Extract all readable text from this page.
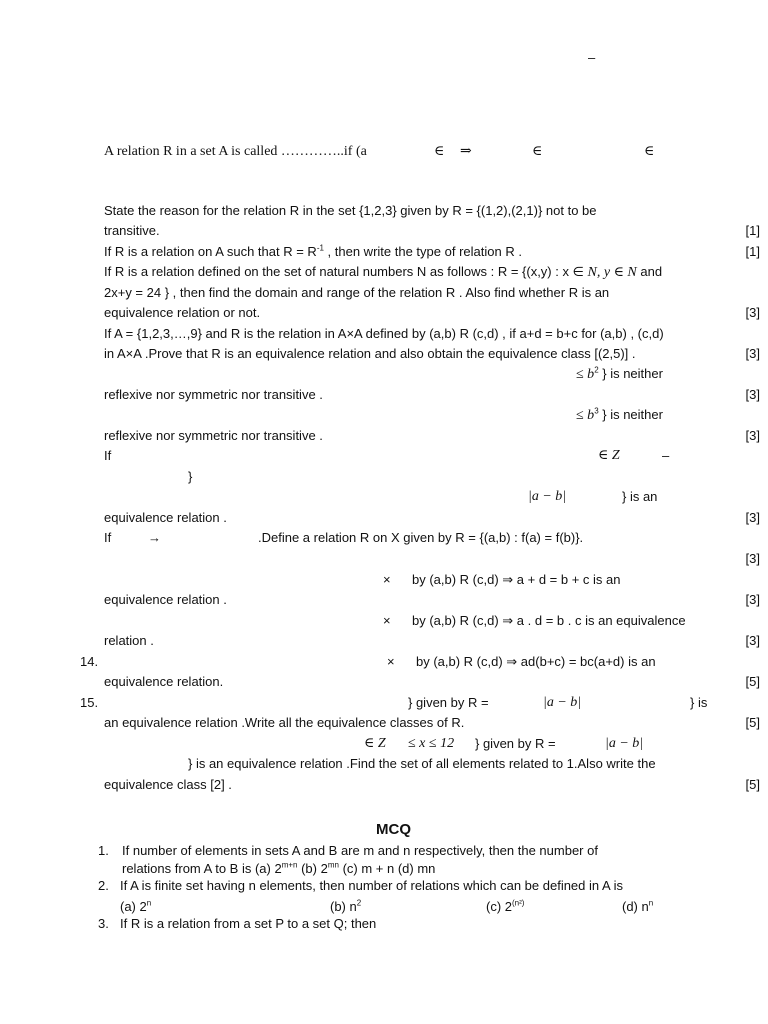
–
A relation R in a set A is called …………..if (a	∈ ⇒	∈	∈
State the reason for the relation R in the set {1,2,3} given by R = {(1,2),(2,1)} not to be
transitive.	[1]
If R is a relation on A such that $R = R^{-1}$ , then write the type of relation R .	[1]
If R is a relation defined on the set of natural numbers N as follows : R = {(x,y) : x ∈ N, y ∈ N and
2x+y = 24 } , then find the domain and range of the relation R . Also find whether R is an
equivalence relation or not.	[3]
If A = {1,2,3,…,9} and R is the relation in A×A defined by (a,b) R (c,d) , if a+d = b+c for (a,b) , (c,d)
in A×A .Prove that R is an equivalence relation and also obtain the equivalence class [(2,5)] .	[3]
≤ $b^2$ } is neither
reflexive nor symmetric nor transitive .	[3]
≤ $b^3$ } is neither
reflexive nor symmetric nor transitive .	[3]
If	∈ Z	–
}
|a − b|	} is an
equivalence relation .	[3]
If	→	.Define a relation R on X given by R = {(a,b) : f(a) = f(b)}.
[3]
× by (a,b) R (c,d) ⇒ a + d = b + c is an
equivalence relation .	[3]
× by (a,b) R (c,d) ⇒ a . d = b . c is an equivalence
relation .	[3]
14.	× by (a,b) R (c,d) ⇒ ad(b+c) = bc(a+d) is an
equivalence relation.	[5]
15.	} given by R =	|a − b|	} is
an equivalence relation .Write all the equivalence classes of R.	[5]
∈ Z ≤ x ≤ 12 } given by R =	|a − b|
} is an equivalence relation .Find the set of all elements related to 1.Also write the
equivalence class [2] .	[5]
MCQ
1. If number of elements in sets A and B are m and n respectively, then the number of
relations from A to B is (a) $2^{m+n}$ (b) $2^{mn}$ (c) m + n (d) mn
2. If A is finite set having n elements, then number of relations which can be defined in A is
(a) 2$^n$	(b) $n^2$	(c) $2^{(n^2)}$	(d) $n^n$
3. If R is a relation from a set P to a set Q; then
